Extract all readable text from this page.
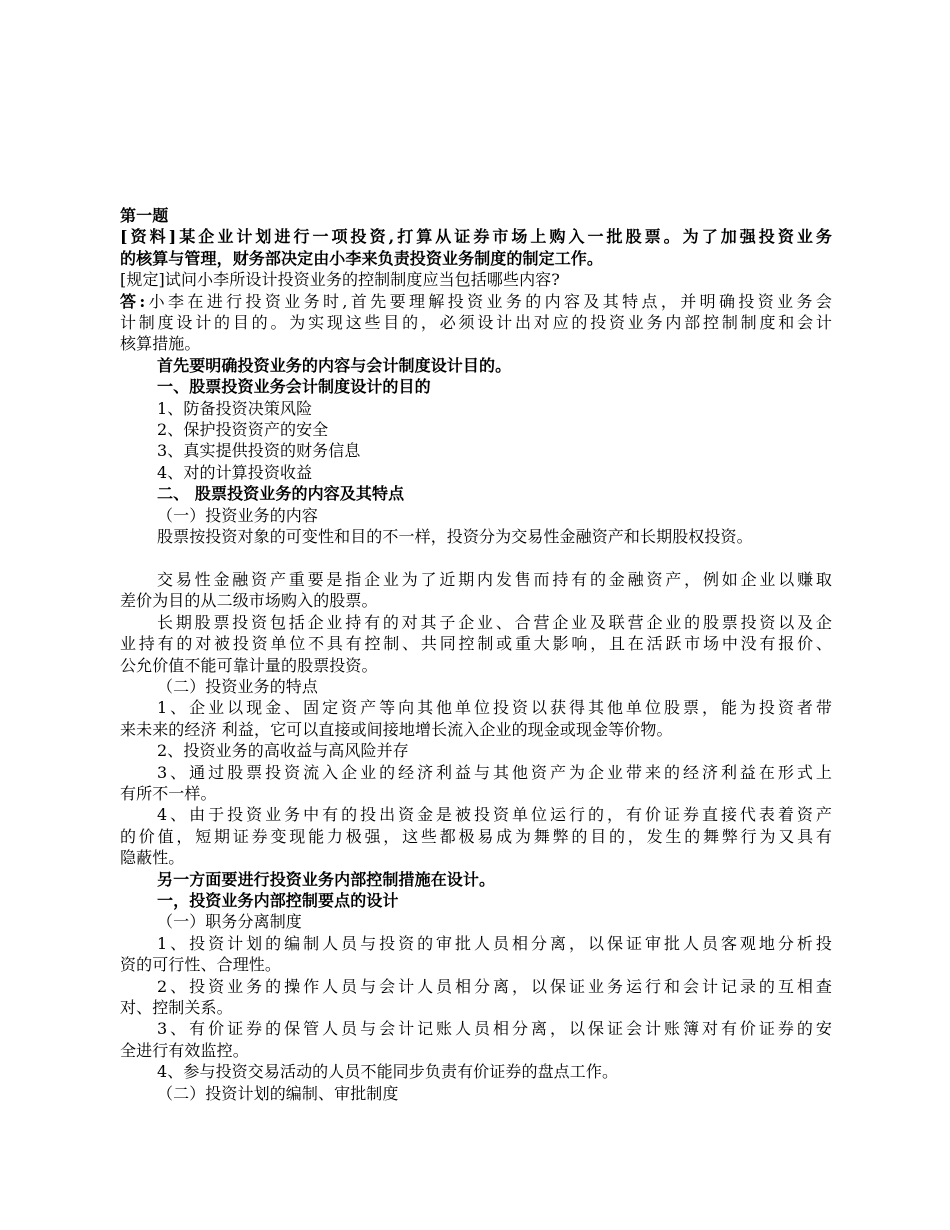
第一题
[资料]某企业计划进行一项投资,打算从证券市场上购入一批股票。为了加强投资业务
的核算与管理，财务部决定由小李来负责投资业务制度的制定工作。
[规定]试问小李所设计投资业务的控制制度应当包括哪些内容?
答:小李在进行投资业务时,首先要理解投资业务的内容及其特点，并明确投资业务会
计制度设计的目的。为实现这些目的，必须设计出对应的投资业务内部控制制度和会计
核算措施。
首先要明确投资业务的内容与会计制度设计目的。
一、股票投资业务会计制度设计的目的
1、防备投资决策风险
2、保护投资资产的安全
3、真实提供投资的财务信息
4、对的计算投资收益
二、 股票投资业务的内容及其特点
（一）投资业务的内容
股票按投资对象的可变性和目的不一样，投资分为交易性金融资产和长期股权投资。
交易性金融资产重要是指企业为了近期内发售而持有的金融资产，例如企业以赚取
差价为目的从二级市场购入的股票。
长期股票投资包括企业持有的对其子企业、合营企业及联营企业的股票投资以及企
业持有的对被投资单位不具有控制、共同控制或重大影响，且在活跃市场中没有报价、
公允价值不能可靠计量的股票投资。
（二）投资业务的特点
1、企业以现金、固定资产等向其他单位投资以获得其他单位股票，能为投资者带
来未来的经济 利益，它可以直接或间接地增长流入企业的现金或现金等价物。
2、投资业务的高收益与高风险并存
3、通过股票投资流入企业的经济利益与其他资产为企业带来的经济利益在形式上
有所不一样。
4、由于投资业务中有的投出资金是被投资单位运行的，有价证券直接代表着资产
的价值，短期证券变现能力极强，这些都极易成为舞弊的目的，发生的舞弊行为又具有
隐蔽性。
另一方面要进行投资业务内部控制措施在设计。
一，投资业务内部控制要点的设计
（一）职务分离制度
1、投资计划的编制人员与投资的审批人员相分离，以保证审批人员客观地分析投
资的可行性、合理性。
2、投资业务的操作人员与会计人员相分离，以保证业务运行和会计记录的互相查
对、控制关系。
3、有价证券的保管人员与会计记账人员相分离，以保证会计账簿对有价证券的安
全进行有效监控。
4、参与投资交易活动的人员不能同步负责有价证券的盘点工作。
（二）投资计划的编制、审批制度
